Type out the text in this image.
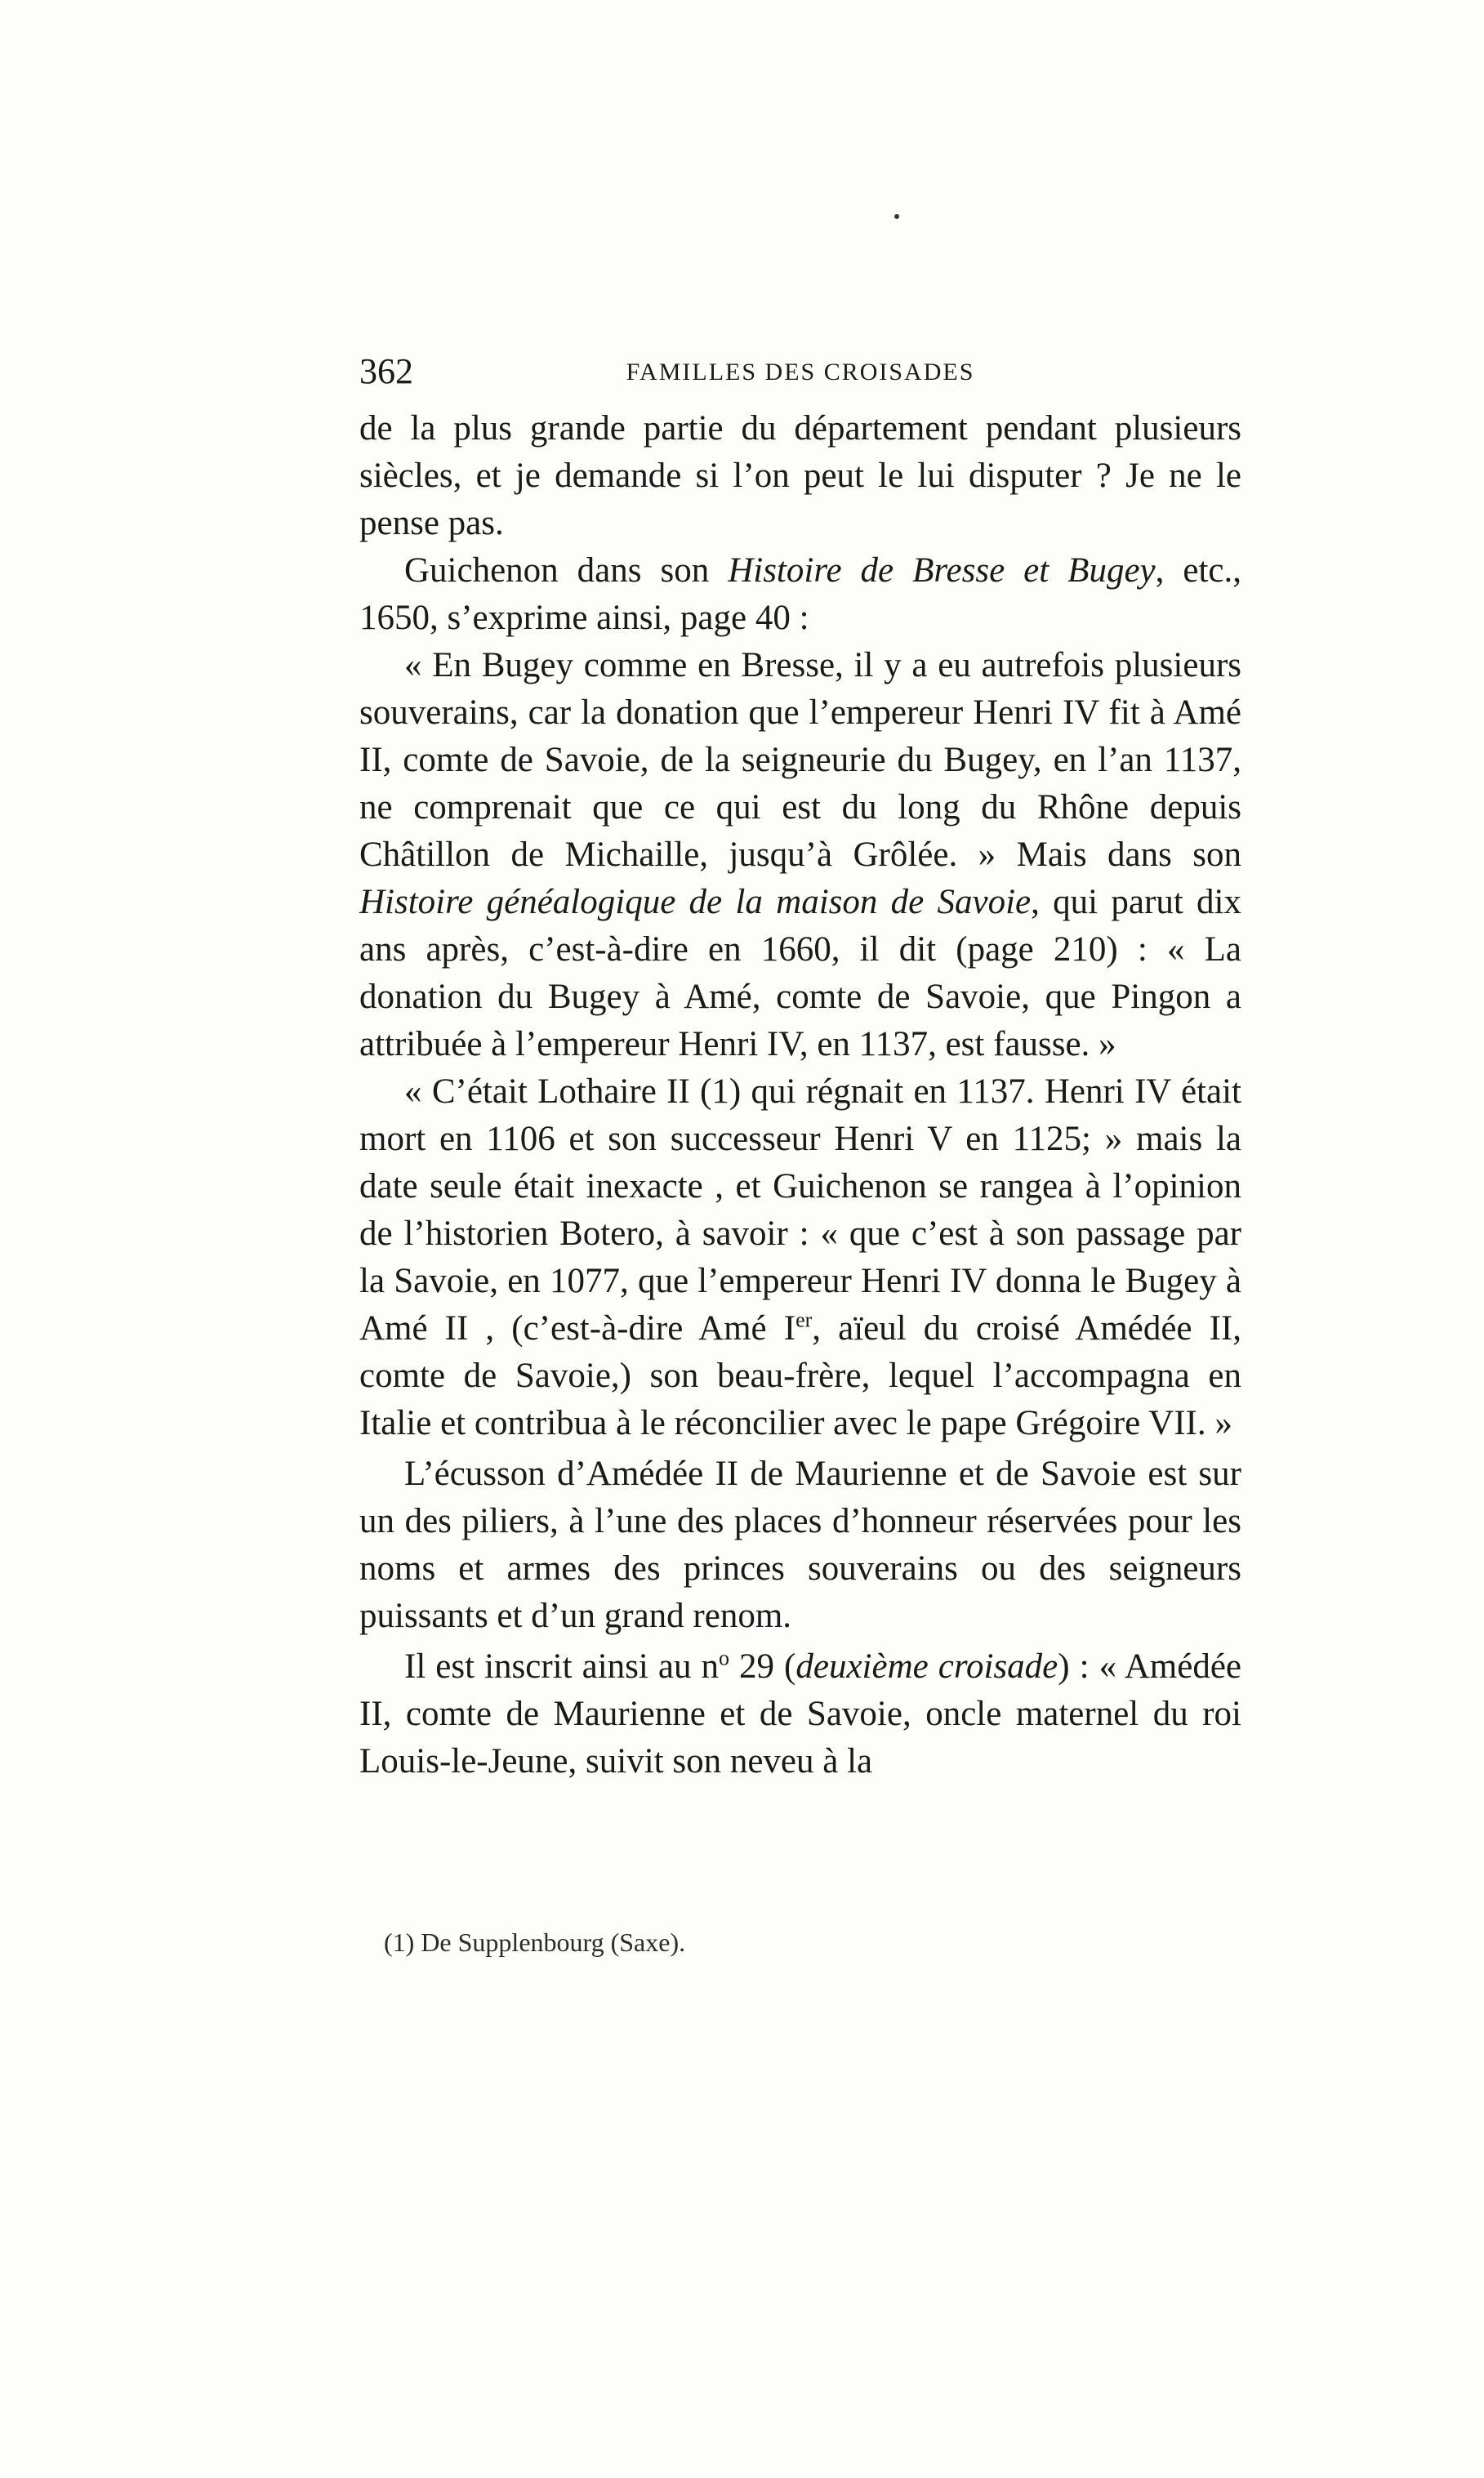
362	FAMILLES DES CROISADES

de la plus grande partie du département pendant plusieurs siècles, et je demande si l’on peut le lui disputer ? Je ne le pense pas.

Guichenon dans son Histoire de Bresse et Bugey, etc., 1650, s’exprime ainsi, page 40 :

« En Bugey comme en Bresse, il y a eu autrefois plusieurs souverains, car la donation que l’empereur Henri IV fit à Amé II, comte de Savoie, de la seigneurie du Bugey, en l’an 1137, ne comprenait que ce qui est du long du Rhône depuis Châtillon de Michaille, jusqu’à Grôlée. » Mais dans son Histoire généalogique de la maison de Savoie, qui parut dix ans après, c’est-à-dire en 1660, il dit (page 210) : « La donation du Bugey à Amé, comte de Savoie, que Pingon a attribuée à l’empereur Henri IV, en 1137, est fausse. »

« C’était Lothaire II (1) qui régnait en 1137. Henri IV était mort en 1106 et son successeur Henri V en 1125; » mais la date seule était inexacte , et Guichenon se rangea à l’opinion de l’historien Botero, à savoir : « que c’est à son passage par la Savoie, en 1077, que l’empereur Henri IV donna le Bugey à Amé II , (c’est-à-dire Amé Ier, aïeul du croisé Amédée II, comte de Savoie,) son beau-frère, lequel l’accompagna en Italie et contribua à le réconcilier avec le pape Grégoire VII. »

L’écusson d’Amédée II de Maurienne et de Savoie est sur un des piliers, à l’une des places d’honneur réservées pour les noms et armes des princes souverains ou des seigneurs puissants et d’un grand renom.

Il est inscrit ainsi au $n^o$ 29 (deuxième croisade) : « Amédée II, comte de Maurienne et de Savoie, oncle maternel du roi Louis-le-Jeune, suivit son neveu à la

(1) De Supplenbourg (Saxe).
